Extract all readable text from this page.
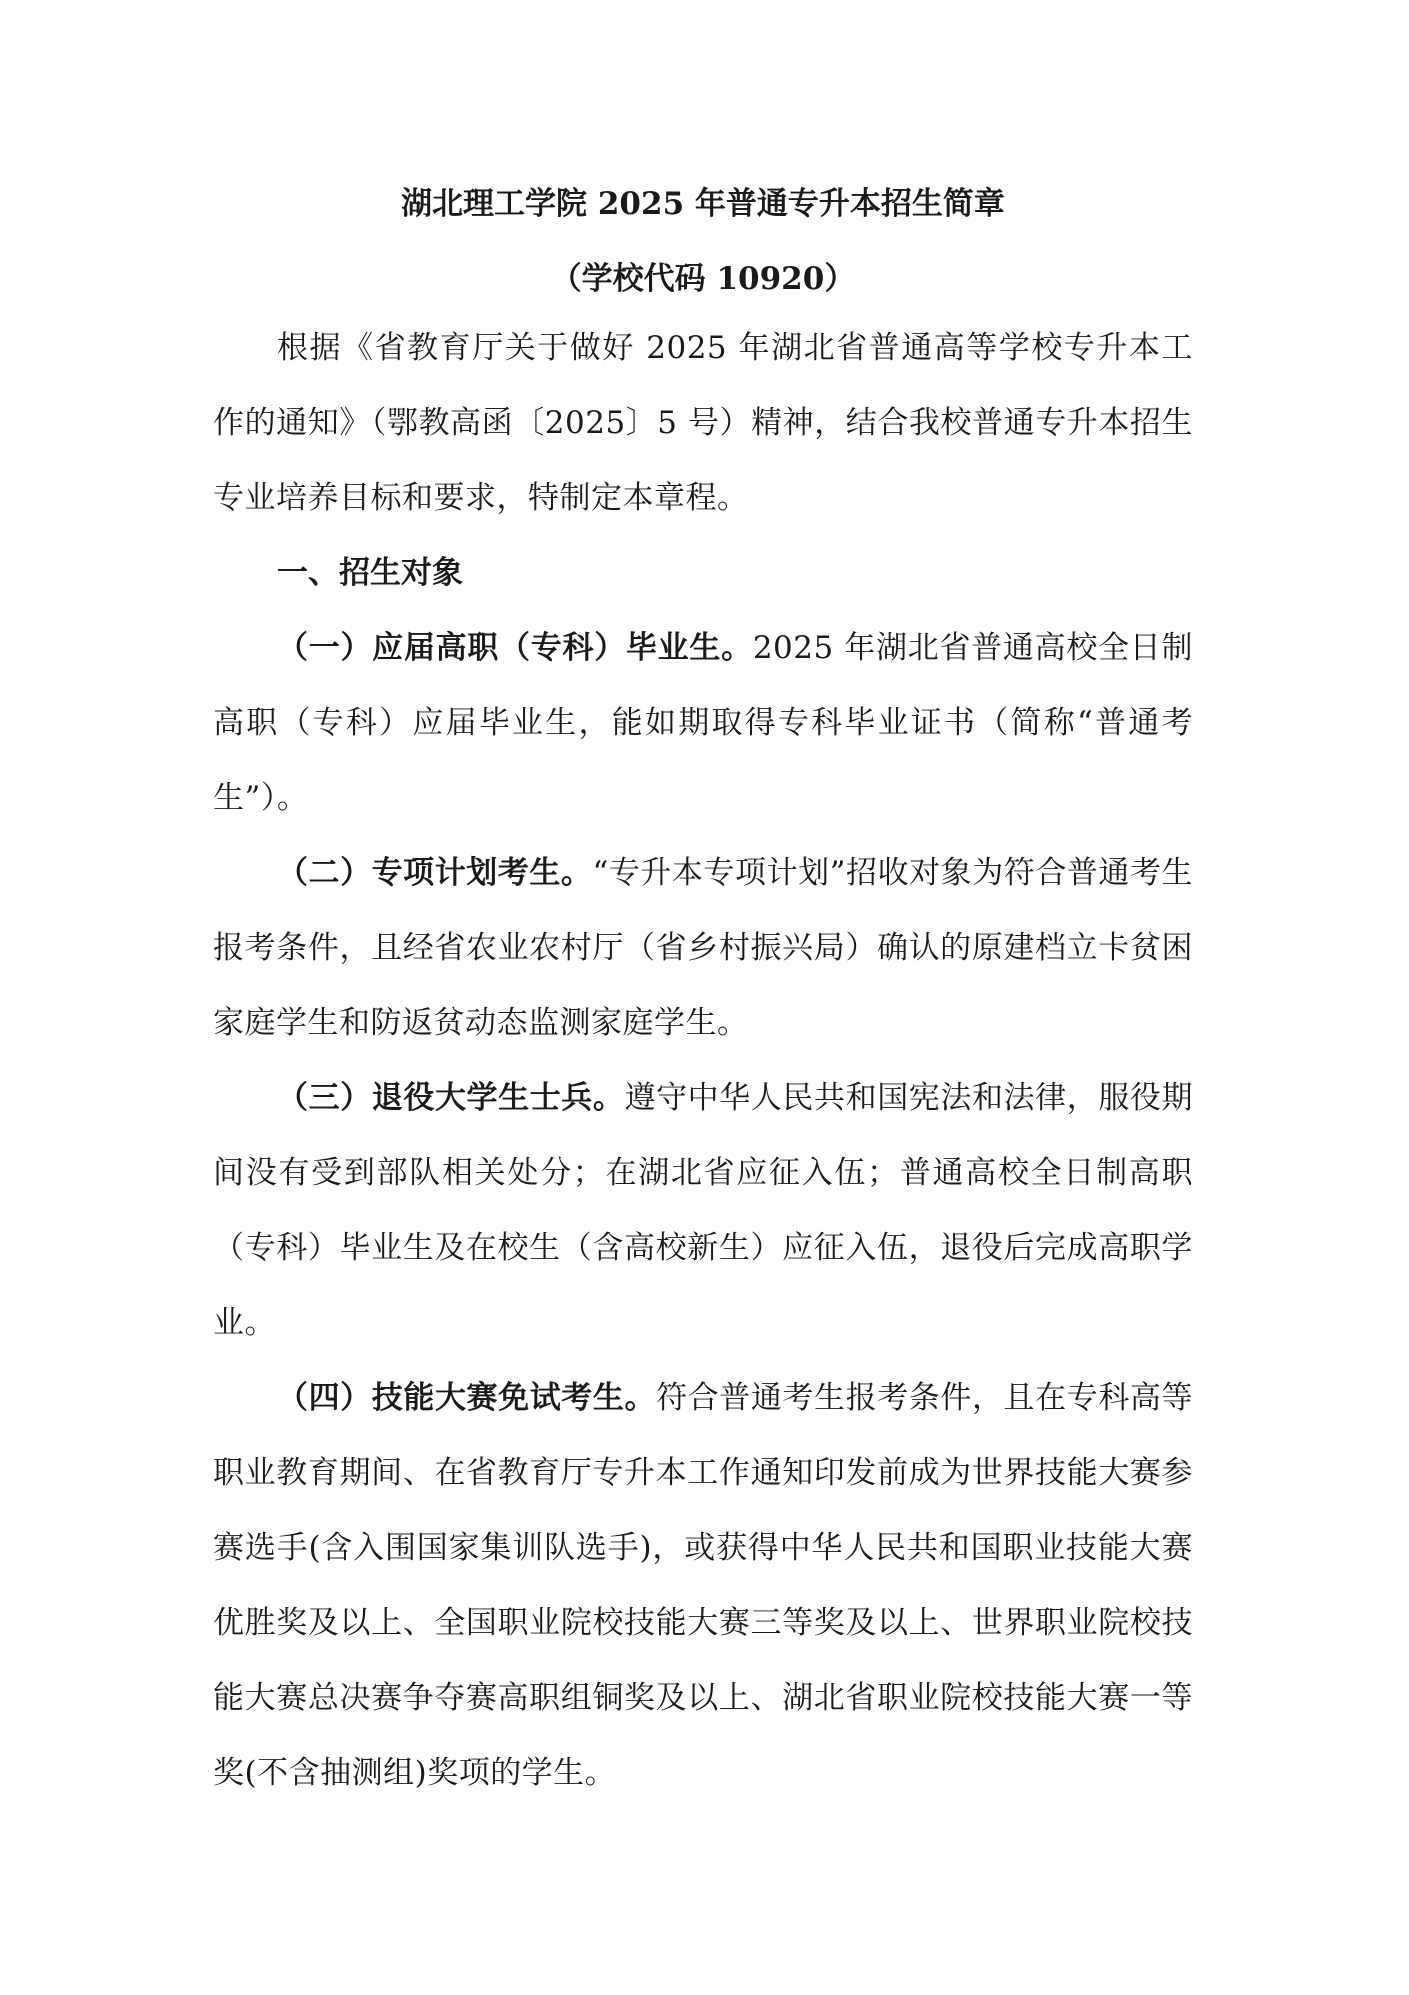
湖北理工学院 2025 年普通专升本招生简章
（学校代码 10920）

根据《省教育厅关于做好 2025 年湖北省普通高等学校专升本工作的通知》（鄂教高函〔2025〕5 号）精神，结合我校普通专升本招生专业培养目标和要求，特制定本章程。

一、招生对象

（一）应届高职（专科）毕业生。2025 年湖北省普通高校全日制高职（专科）应届毕业生，能如期取得专科毕业证书（简称“普通考生”）。

（二）专项计划考生。“专升本专项计划”招收对象为符合普通考生报考条件，且经省农业农村厅（省乡村振兴局）确认的原建档立卡贫困家庭学生和防返贫动态监测家庭学生。

（三）退役大学生士兵。遵守中华人民共和国宪法和法律，服役期间没有受到部队相关处分；在湖北省应征入伍；普通高校全日制高职（专科）毕业生及在校生（含高校新生）应征入伍，退役后完成高职学业。

（四）技能大赛免试考生。符合普通考生报考条件，且在专科高等职业教育期间、在省教育厅专升本工作通知印发前成为世界技能大赛参赛选手(含入围国家集训队选手)，或获得中华人民共和国职业技能大赛优胜奖及以上、全国职业院校技能大赛三等奖及以上、世界职业院校技能大赛总决赛争夺赛高职组铜奖及以上、湖北省职业院校技能大赛一等奖(不含抽测组)奖项的学生。
